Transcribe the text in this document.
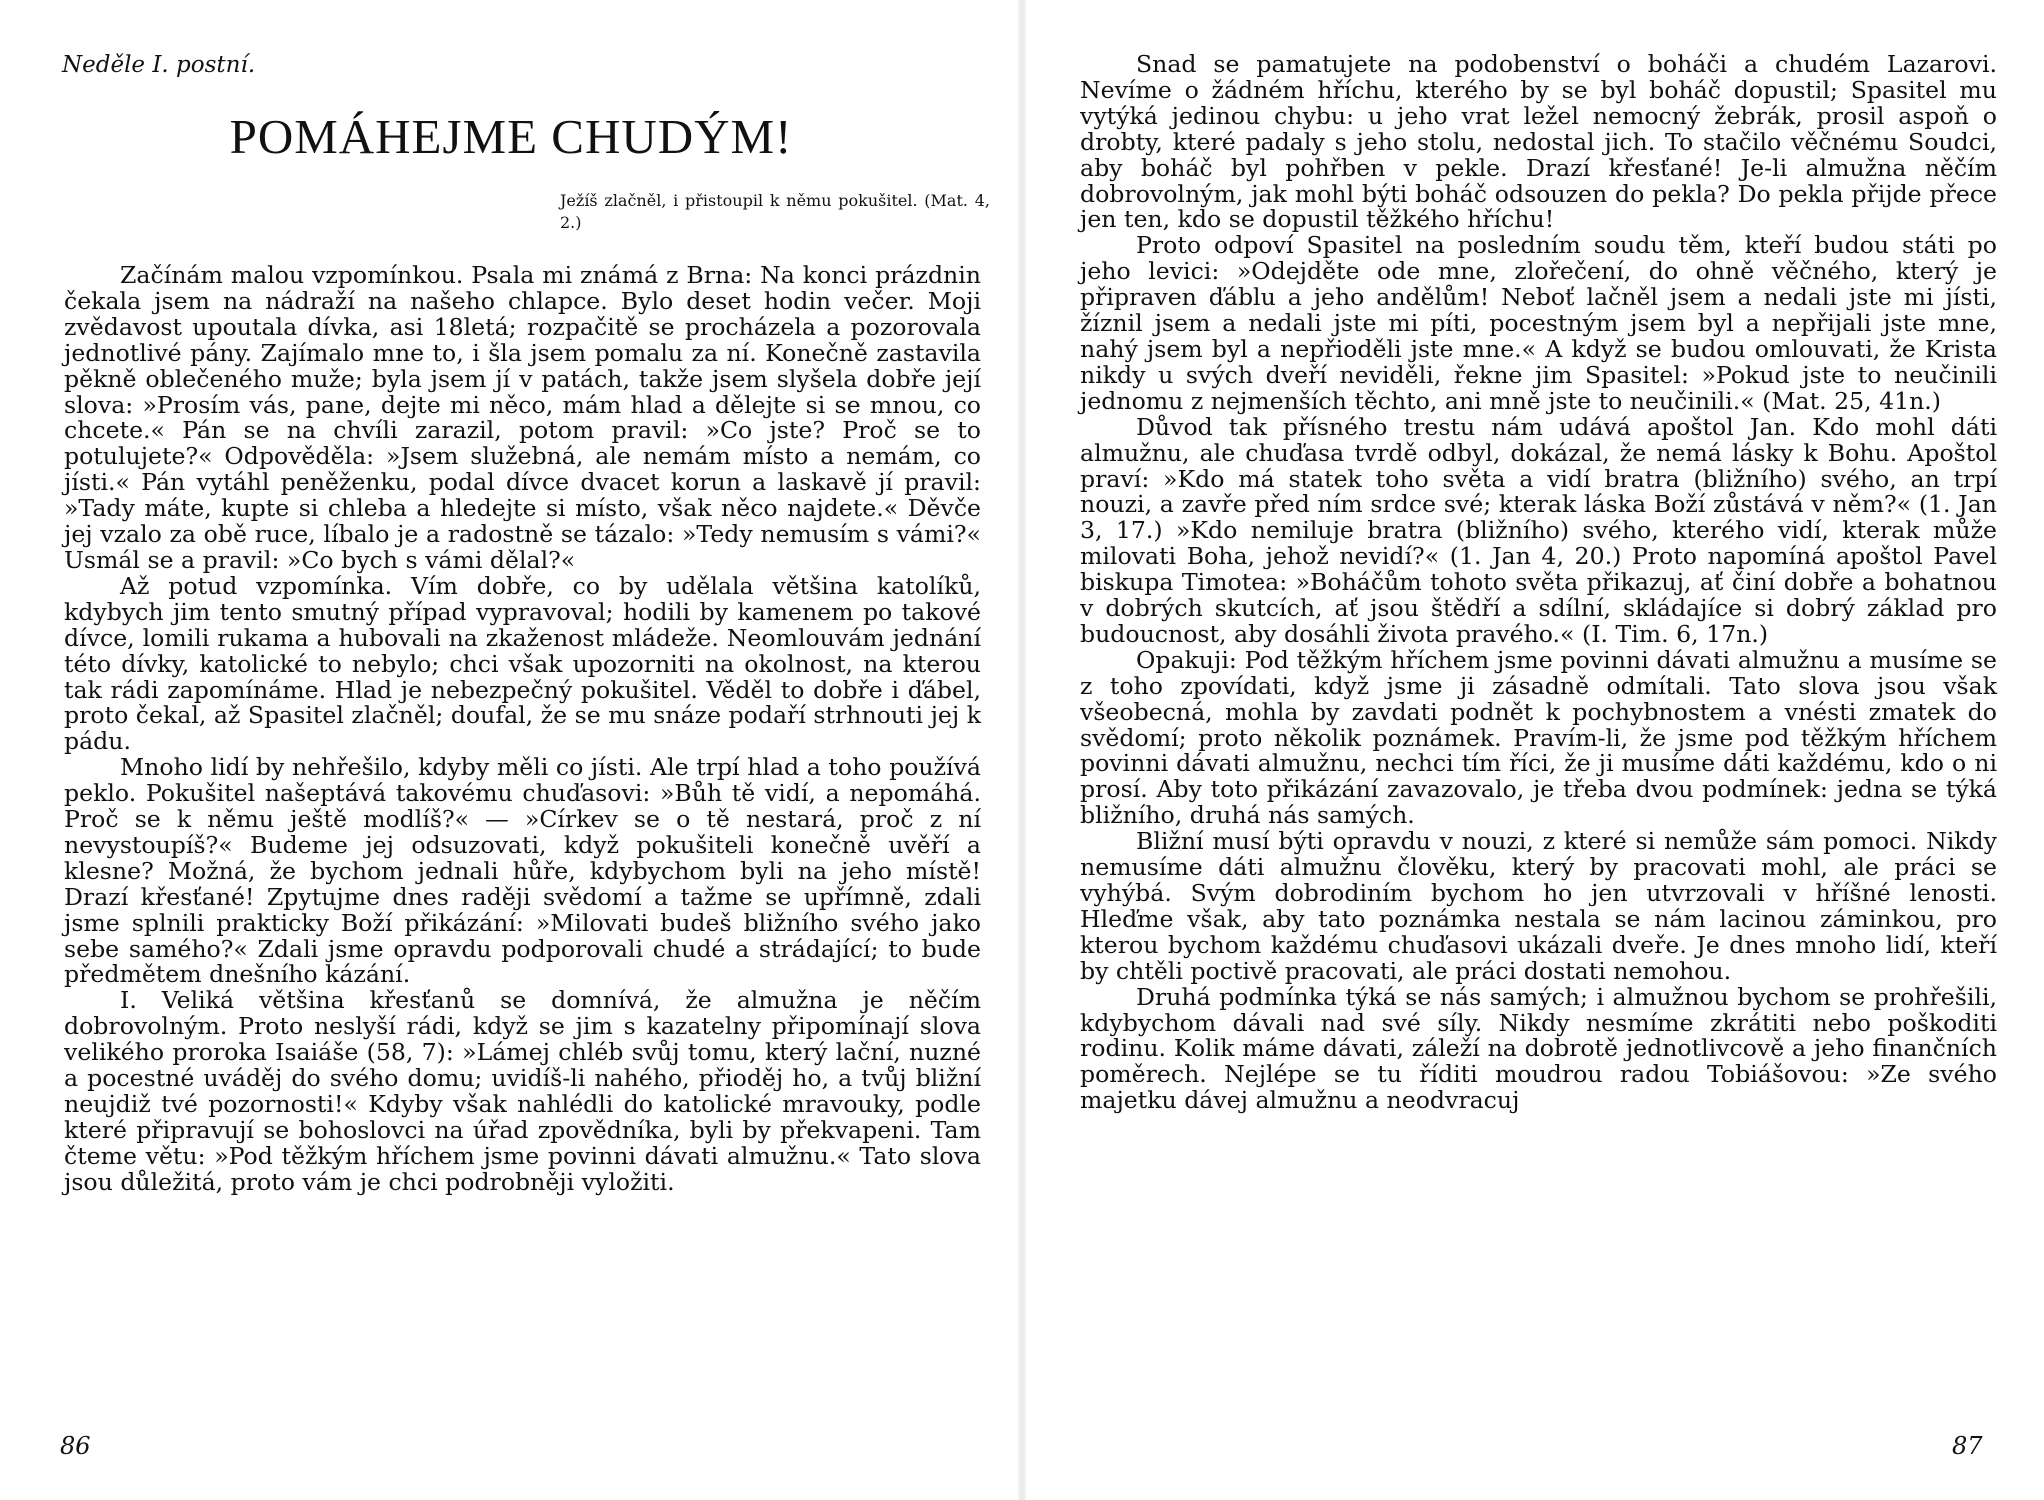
Neděle I. postní.
POMÁHEJME CHUDÝM!
Ježíš zlačněl, i přistoupil k němu pokušitel. (Mat. 4, 2.)

Začínám malou vzpomínkou. Psala mi známá z Brna: Na konci prázdnin čekala jsem na nádraží na našeho chlapce. Bylo deset hodin večer. Moji zvědavost upoutala dívka, asi 18letá; rozpačitě se procházela a pozorovala jednotlivé pány. Zajímalo mne to, i šla jsem pomalu za ní. Konečně zastavila pěkně oblečeného muže; byla jsem jí v patách, takže jsem slyšela dobře její slova: »Prosím vás, pane, dejte mi něco, mám hlad a dělejte si se mnou, co chcete.« Pán se na chvíli zarazil, potom pravil: »Co jste? Proč se to potulujete?« Odpověděla: »Jsem služebná, ale nemám místo a nemám, co jísti.« Pán vytáhl peněženku, podal dívce dvacet korun a laskavě jí pravil: »Tady máte, kupte si chleba a hledejte si místo, však něco najdete.« Děvče jej vzalo za obě ruce, líbalo je a radostně se tázalo: »Tedy nemusím s vámi?« Usmál se a pravil: »Co bych s vámi dělal?«

Až potud vzpomínka. Vím dobře, co by udělala většina katolíků, kdybych jim tento smutný případ vypravoval; hodili by kamenem po takové dívce, lomili rukama a hubovali na zkaženost mládeže. Neomlouvám jednání této dívky, katolické to nebylo; chci však upozorniti na okolnost, na kterou tak rádi zapomínáme. Hlad je nebezpečný pokušitel. Věděl to dobře i ďábel, proto čekal, až Spasitel zlačněl; doufal, že se mu snáze podaří strhnouti jej k pádu.

Mnoho lidí by nehřešilo, kdyby měli co jísti. Ale trpí hlad a toho používá peklo. Pokušitel našeptává takovému chuďasovi: »Bůh tě vidí, a nepomáhá. Proč se k němu ještě modlíš?« — »Církev se o tě nestará, proč z ní nevystoupíš?« Budeme jej odsuzovati, když pokušiteli konečně uvěří a klesne? Možná, že bychom jednali hůře, kdybychom byli na jeho místě! Drazí křesťané! Zpytujme dnes raději svědomí a tažme se upřímně, zdali jsme splnili prakticky Boží přikázání: »Milovati budeš bližního svého jako sebe samého?« Zdali jsme opravdu podporovali chudé a strádající; to bude předmětem dnešního kázání.

I. Veliká většina křesťanů se domnívá, že almužna je něčím dobrovolným. Proto neslyší rádi, když se jim s kazatelny připomínají slova velikého proroka Isaiáše (58, 7): »Lámej chléb svůj tomu, který lační, nuzné a pocestné uváděj do svého domu; uvidíš-li nahého, přioděj ho, a tvůj bližní neujdiž tvé pozornosti!« Kdyby však nahlédli do katolické mravouky, podle které připravují se bohoslovci na úřad zpovědníka, byli by překvapeni. Tam čteme větu: »Pod těžkým hříchem jsme povinni dávati almužnu.« Tato slova jsou důležitá, proto vám je chci podrobněji vyložiti.

86

Snad se pamatujete na podobenství o boháči a chudém Lazarovi. Nevíme o žádném hříchu, kterého by se byl boháč dopustil; Spasitel mu vytýká jedinou chybu: u jeho vrat ležel nemocný žebrák, prosil aspoň o drobty, které padaly s jeho stolu, nedostal jich. To stačilo věčnému Soudci, aby boháč byl pohřben v pekle. Drazí křesťané! Je-li almužna něčím dobrovolným, jak mohl býti boháč odsouzen do pekla? Do pekla přijde přece jen ten, kdo se dopustil těžkého hříchu!

Proto odpoví Spasitel na posledním soudu těm, kteří budou státi po jeho levici: »Odejděte ode mne, zlořečení, do ohně věčného, který je připraven ďáblu a jeho andělům! Neboť lačněl jsem a nedali jste mi jísti, žíznil jsem a nedali jste mi píti, pocestným jsem byl a nepřijali jste mne, nahý jsem byl a nepřioděli jste mne.« A když se budou omlouvati, že Krista nikdy u svých dveří neviděli, řekne jim Spasitel: »Pokud jste to neučinili jednomu z nejmenších těchto, ani mně jste to neučinili.« (Mat. 25, 41n.)

Důvod tak přísného trestu nám udává apoštol Jan. Kdo mohl dáti almužnu, ale chuďasa tvrdě odbyl, dokázal, že nemá lásky k Bohu. Apoštol praví: »Kdo má statek toho světa a vidí bratra (bližního) svého, an trpí nouzi, a zavře před ním srdce své; kterak láska Boží zůstává v něm?« (1. Jan 3, 17.) »Kdo nemiluje bratra (bližního) svého, kterého vidí, kterak může milovati Boha, jehož nevidí?« (1. Jan 4, 20.) Proto napomíná apoštol Pavel biskupa Timotea: »Boháčům tohoto světa přikazuj, ať činí dobře a bohatnou v dobrých skutcích, ať jsou štědří a sdílní, skládajíce si dobrý základ pro budoucnost, aby dosáhli života pravého.« (I. Tim. 6, 17n.)

Opakuji: Pod těžkým hříchem jsme povinni dávati almužnu a musíme se z toho zpovídati, když jsme ji zásadně odmítali. Tato slova jsou však všeobecná, mohla by zavdati podnět k pochybnostem a vnésti zmatek do svědomí; proto několik poznámek. Pravím-li, že jsme pod těžkým hříchem povinni dávati almužnu, nechci tím říci, že ji musíme dáti každému, kdo o ni prosí. Aby toto přikázání zavazovalo, je třeba dvou podmínek: jedna se týká bližního, druhá nás samých.

Bližní musí býti opravdu v nouzi, z které si nemůže sám pomoci. Nikdy nemusíme dáti almužnu člověku, který by pracovati mohl, ale práci se vyhýbá. Svým dobrodiním bychom ho jen utvrzovali v hříšné lenosti. Hleďme však, aby tato poznámka nestala se nám lacinou záminkou, pro kterou bychom každému chuďasovi ukázali dveře. Je dnes mnoho lidí, kteří by chtěli poctivě pracovati, ale práci dostati nemohou.

Druhá podmínka týká se nás samých; i almužnou bychom se prohřešili, kdybychom dávali nad své síly. Nikdy nesmíme zkrátiti nebo poškoditi rodinu. Kolik máme dávati, záleží na dobrotě jednotlivcově a jeho finančních poměrech. Nejlépe se tu říditi moudrou radou Tobiášovou: »Ze svého majetku dávej almužnu a neodvracuj

87
